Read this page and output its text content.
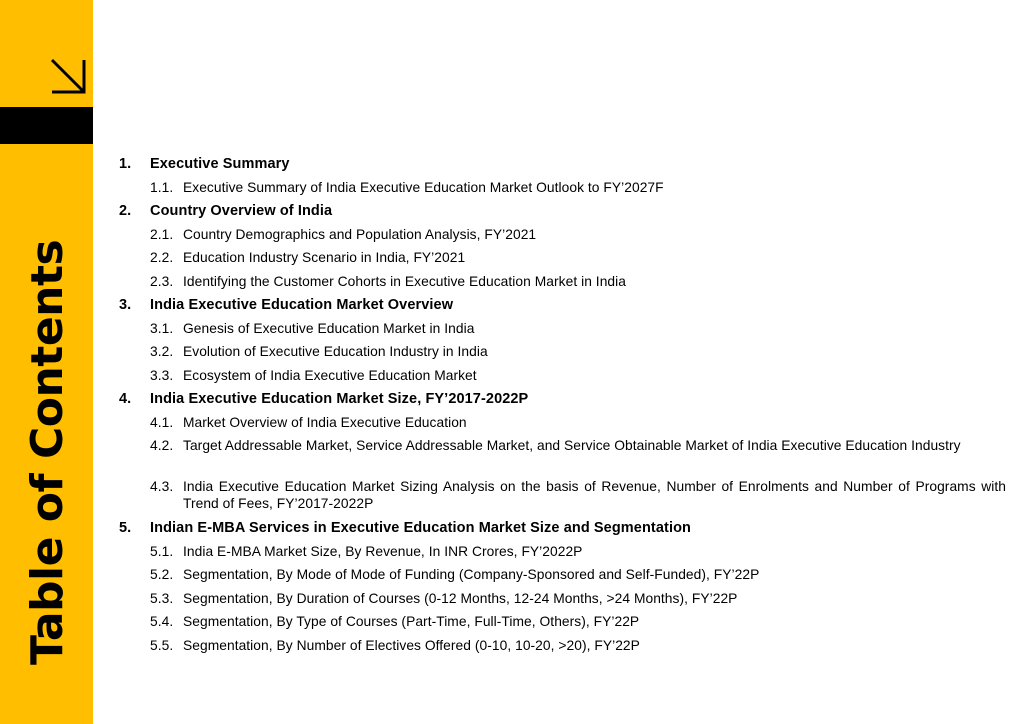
Table of Contents
1.	Executive Summary
1.1. Executive Summary of India Executive Education Market Outlook to FY’2027F
2.	Country Overview of India
2.1. Country Demographics and Population Analysis, FY’2021
2.2. Education Industry Scenario in India, FY’2021
2.3. Identifying the Customer Cohorts in Executive Education Market in India
3.	India Executive Education Market Overview
3.1. Genesis of Executive Education Market in India
3.2. Evolution of Executive Education Industry in India
3.3. Ecosystem of India Executive Education Market
4.	India Executive Education Market Size, FY’2017-2022P
4.1. Market Overview of India Executive Education
4.2. Target Addressable Market, Service Addressable Market, and Service Obtainable Market of India Executive Education Industry
4.3. India Executive Education Market Sizing Analysis on the basis of Revenue, Number of Enrolments and Number of Programs with Trend of Fees, FY’2017-2022P
5.	Indian E-MBA Services in Executive Education Market Size and Segmentation
5.1. India E-MBA Market Size, By Revenue, In INR Crores, FY’2022P
5.2. Segmentation, By Mode of Mode of Funding (Company-Sponsored and Self-Funded), FY’22P
5.3. Segmentation, By Duration of Courses (0-12 Months, 12-24 Months, >24 Months), FY’22P
5.4. Segmentation, By Type of Courses (Part-Time, Full-Time, Others), FY’22P
5.5. Segmentation, By Number of Electives Offered (0-10, 10-20, >20), FY’22P
